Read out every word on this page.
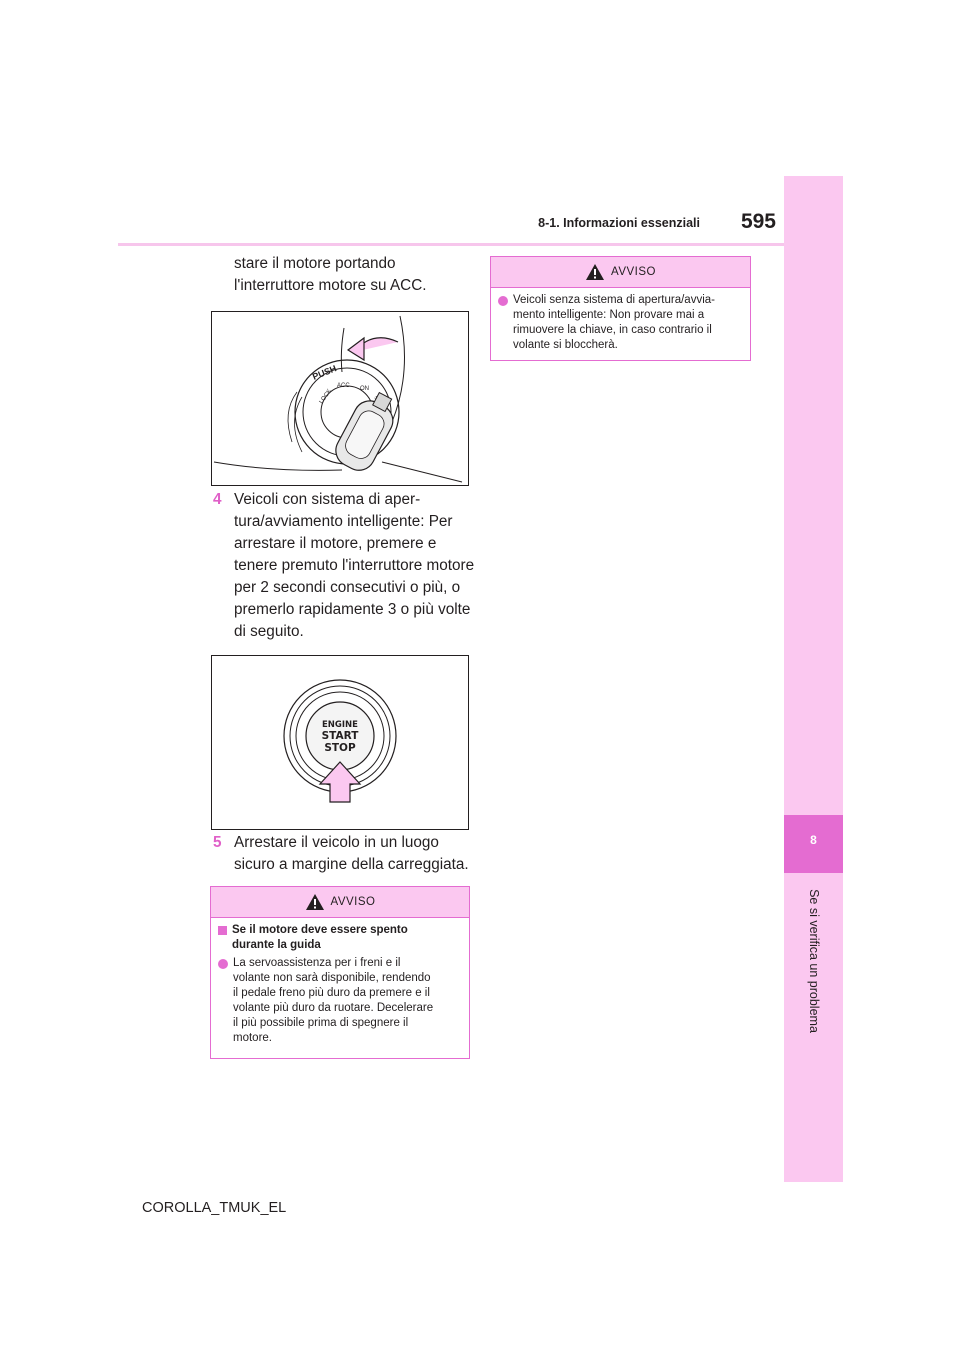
8-1. Informazioni essenziali	595
8
Se si verifica un problema
stare il motore portando
l'interruttore motore su ACC.
PUSH
LOCK
ACC ON
4 Veicoli con sistema di aper-
tura/avviamento intelligente: Per
arrestare il motore, premere e
tenere premuto l'interruttore motore
per 2 secondi consecutivi o più, o
premerlo rapidamente 3 o più volte
di seguito.
ENGINE
START
STOP
5 Arrestare il veicolo in un luogo
sicuro a margine della carreggiata.
AVVISO
Se il motore deve essere spento
durante la guida
La servoassistenza per i freni e il
volante non sarà disponibile, rendendo
il pedale freno più duro da premere e il
volante più duro da ruotare. Decelerare
il più possibile prima di spegnere il
motore.
AVVISO
Veicoli senza sistema di apertura/avvia-
mento intelligente: Non provare mai a
rimuovere la chiave, in caso contrario il
volante si bloccherà.
COROLLA_TMUK_EL
